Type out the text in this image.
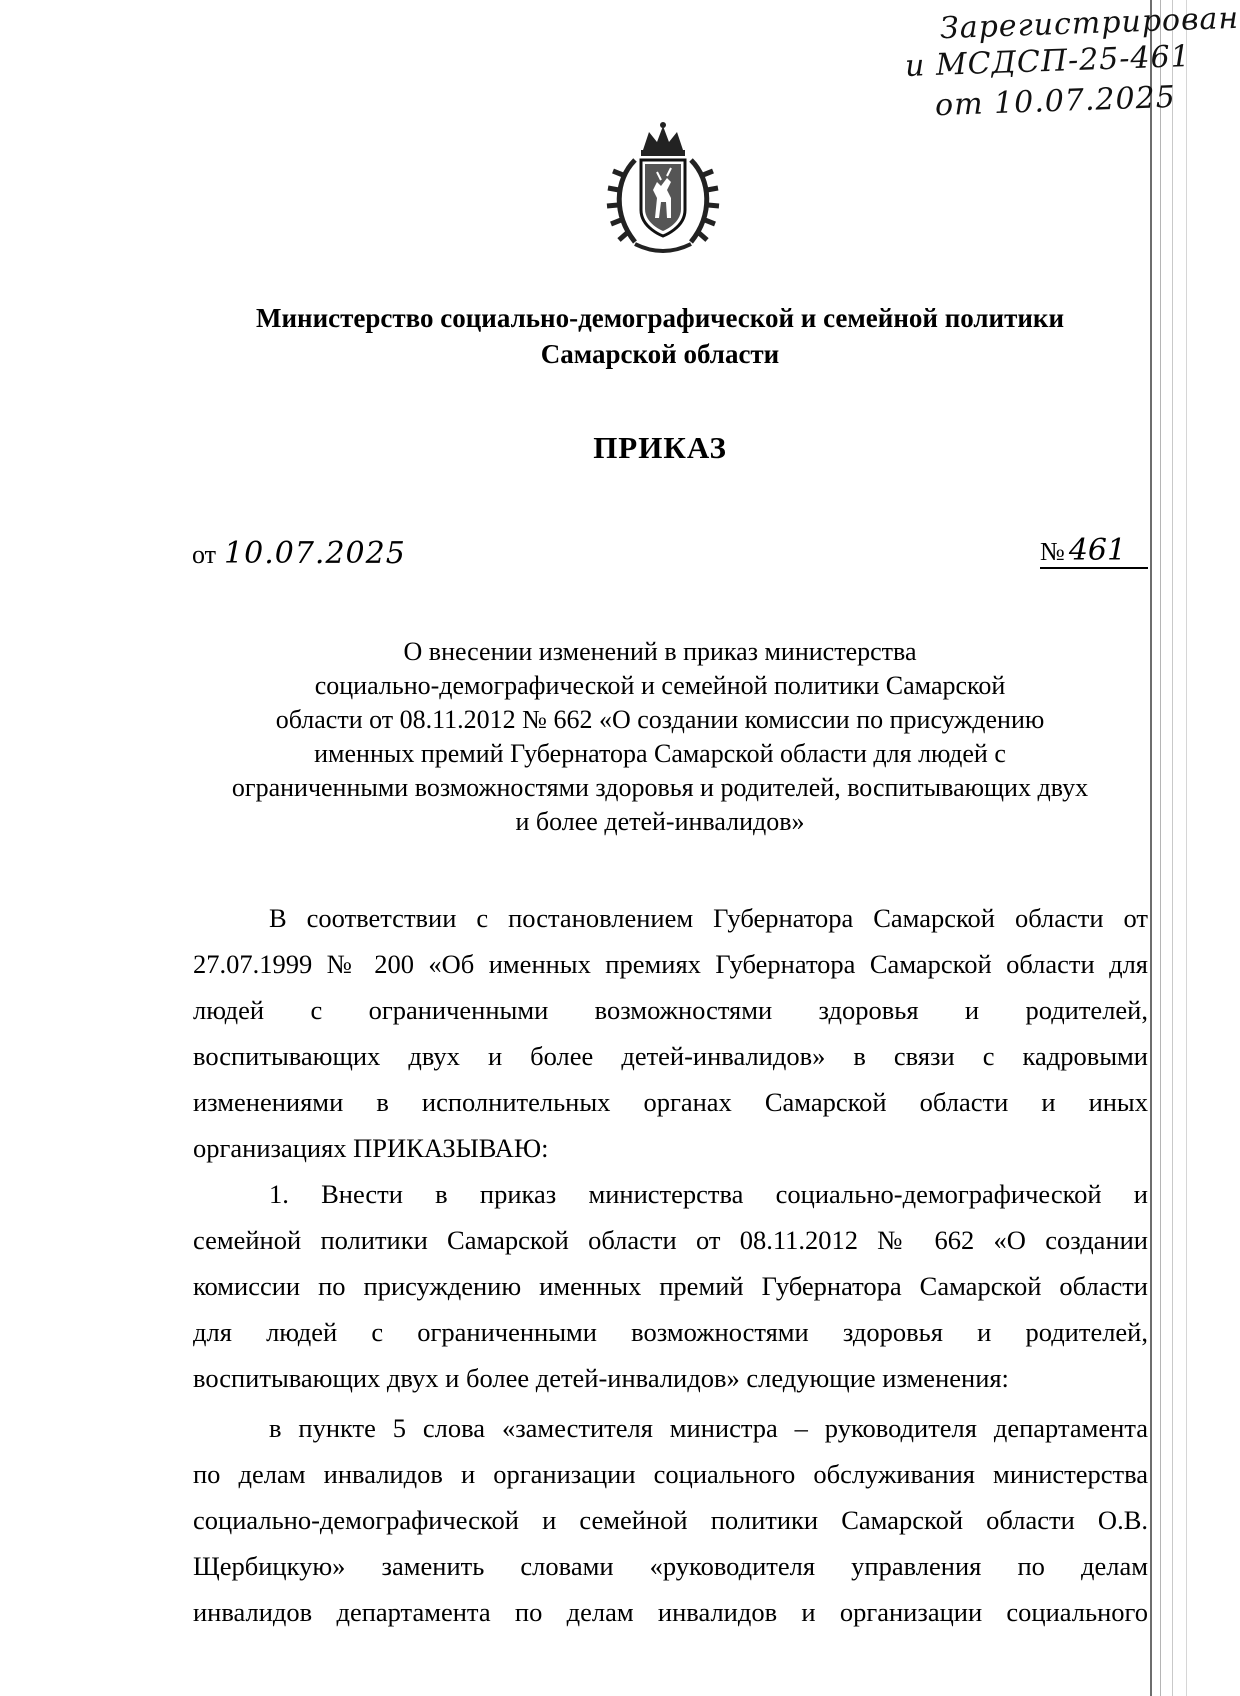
Зарегистрирован
и МСДСП-25-461
от 10.07.2025
Министерство социально-демографической и семейной политики
Самарской области
ПРИКАЗ
от 10.07.2025	№ 461
О внесении изменений в приказ министерства
социально-демографической и семейной политики Самарской
области от 08.11.2012 № 662 «О создании комиссии по присуждению
именных премий Губернатора Самарской области для людей с
ограниченными возможностями здоровья и родителей, воспитывающих двух
и более детей-инвалидов»
В соответствии с постановлением Губернатора Самарской области от
27.07.1999 № 200 «Об именных премиях Губернатора Самарской области для
людей с ограниченными возможностями здоровья и родителей,
воспитывающих двух и более детей-инвалидов» в связи с кадровыми
изменениями в исполнительных органах Самарской области и иных
организациях ПРИКАЗЫВАЮ:
1. Внести в приказ министерства социально-демографической и
семейной политики Самарской области от 08.11.2012 № 662 «О создании
комиссии по присуждению именных премий Губернатора Самарской области
для людей с ограниченными возможностями здоровья и родителей,
воспитывающих двух и более детей-инвалидов» следующие изменения:
в пункте 5 слова «заместителя министра – руководителя департамента
по делам инвалидов и организации социального обслуживания министерства
социально-демографической и семейной политики Самарской области О.В.
Щербицкую» заменить словами «руководителя управления по делам
инвалидов департамента по делам инвалидов и организации социального
